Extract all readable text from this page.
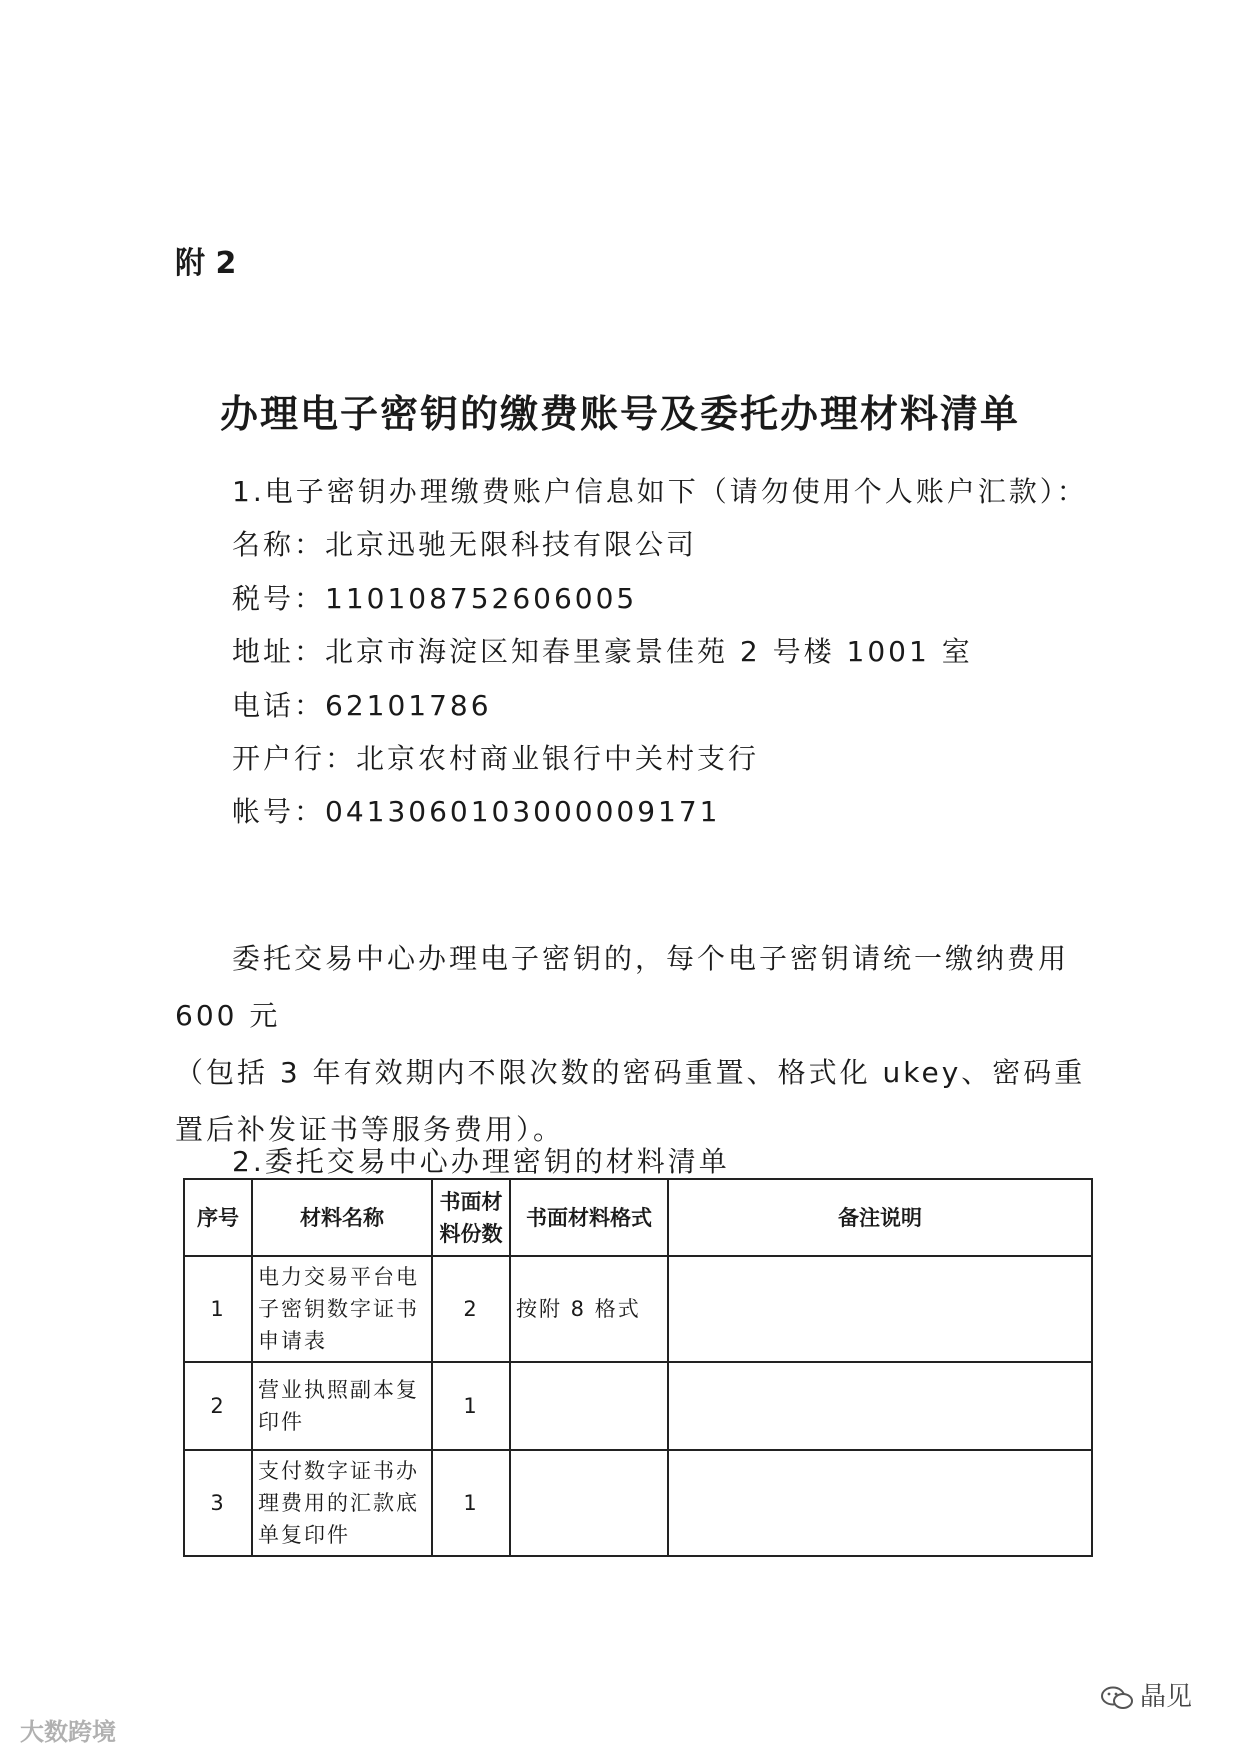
附 2
办理电子密钥的缴费账号及委托办理材料清单
1.电子密钥办理缴费账户信息如下（请勿使用个人账户汇款）：
名称：北京迅驰无限科技有限公司
税号：110108752606005
地址：北京市海淀区知春里豪景佳苑 2 号楼 1001 室
电话：62101786
开户行：北京农村商业银行中关村支行
帐号：0413060103000009171
委托交易中心办理电子密钥的，每个电子密钥请统一缴纳费用 600 元
（包括 3 年有效期内不限次数的密码重置、格式化 ukey、密码重置后补发证书等服务费用）。
2.委托交易中心办理密钥的材料清单
序号	材料名称	书面材料份数	书面材料格式	备注说明
1	电力交易平台电子密钥数字证书申请表	2	按附 8 格式	
2	营业执照副本复印件	1		
3	支付数字证书办理费用的汇款底单复印件	1		
大数跨境
晶见
